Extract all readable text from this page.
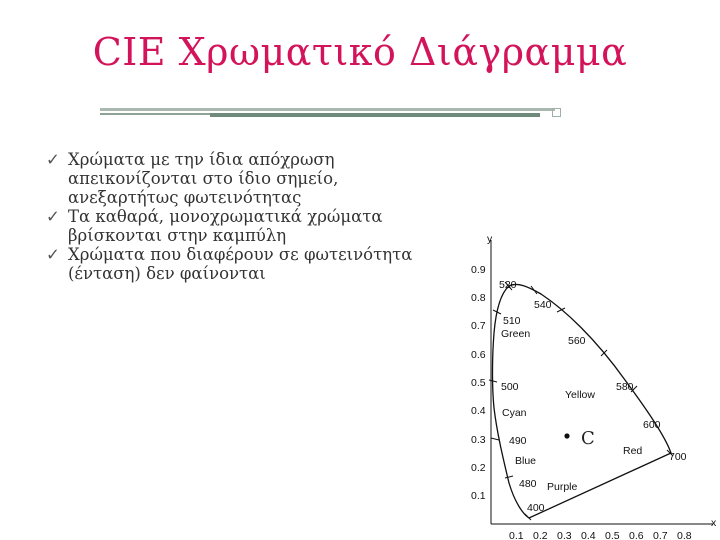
CIE Χρωματικό Διάγραμμα
✓ Χρώματα με την ίδια απόχρωση
απεικονίζονται στο ίδιο σημείο,
ανεξαρτήτως φωτεινότητας
✓ Τα καθαρά, μονοχρωματικά χρώματα
βρίσκονται στην καμπύλη
✓ Χρώματα που διαφέρουν σε φωτεινότητα
(ένταση) δεν φαίνονται
y
x
0.1
0.2
0.3
0.4
0.5
0.6
0.7
0.8
0.9
0.1 0.2 0.3 0.4 0.5 0.6 0.7 0.8
520
540
510
560
500	580
600
490
700
480
400
Green
Yellow
Cyan
Red
Blue
Purple
C
